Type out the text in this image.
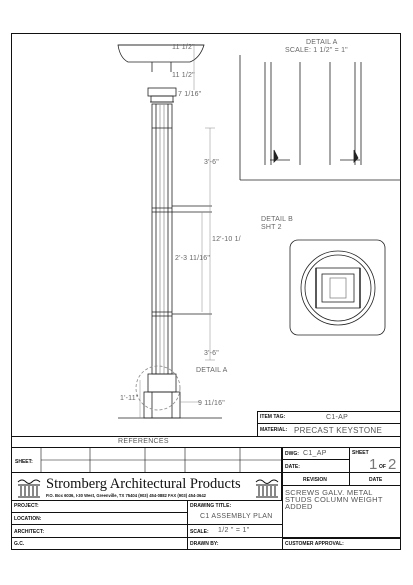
11 1/2"
11 1/2"
7 1/16"
3'-6"
12'-10 1/
2'-3 11/16"
3'-6"
1'-11"
9 11/16"
DETAIL A
DETAIL A
SCALE: 1 1/2" = 1"
DETAIL B
SHT 2
ITEM TAG:	C1-AP
MATERIAL: PRECAST KEYSTONE
REFERENCES
SHEET:
DWG: C1_AP
DATE:
SHEET
1 OF 2
Stromberg Architectural Products
P.O. Box 6036, I-30 West, Greenville, TX 75404 (903) 454-0882 FAX (903) 454-3642
REVISION	DATE
SCREWS GALV. METAL STUDS COLUMN WEIGHT ADDED
PROJECT:
LOCATION:
ARCHITECT:
G.C.
DRAWING TITLE:
C1 ASSEMBLY PLAN
SCALE: 1/2 " = 1"
DRAWN BY:	CUSTOMER APPROVAL:
